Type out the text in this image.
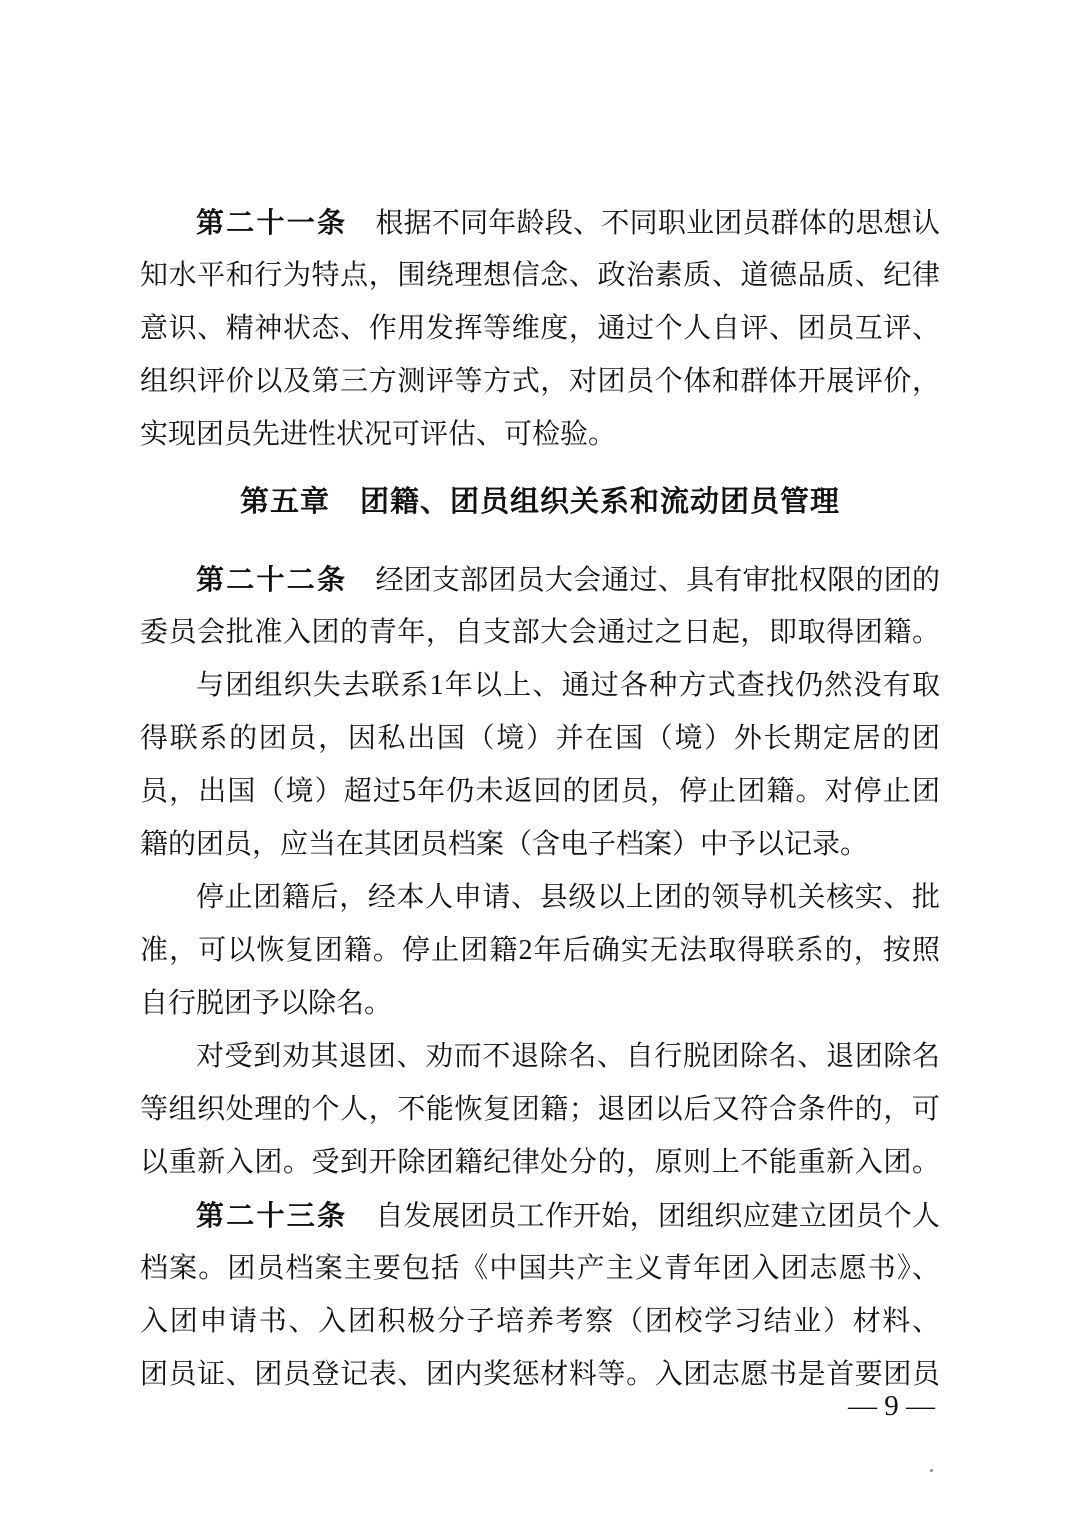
第二十一条　根据不同年龄段、不同职业团员群体的思想认
知水平和行为特点，围绕理想信念、政治素质、道德品质、纪律
意识、精神状态、作用发挥等维度，通过个人自评、团员互评、
组织评价以及第三方测评等方式，对团员个体和群体开展评价，
实现团员先进性状况可评估、可检验。
第五章　团籍、团员组织关系和流动团员管理
第二十二条　经团支部团员大会通过、具有审批权限的团的
委员会批准入团的青年，自支部大会通过之日起，即取得团籍。
与团组织失去联系1年以上、通过各种方式查找仍然没有取
得联系的团员，因私出国（境）并在国（境）外长期定居的团
员，出国（境）超过5年仍未返回的团员，停止团籍。对停止团
籍的团员，应当在其团员档案（含电子档案）中予以记录。
停止团籍后，经本人申请、县级以上团的领导机关核实、批
准，可以恢复团籍。停止团籍2年后确实无法取得联系的，按照
自行脱团予以除名。
对受到劝其退团、劝而不退除名、自行脱团除名、退团除名
等组织处理的个人，不能恢复团籍；退团以后又符合条件的，可
以重新入团。受到开除团籍纪律处分的，原则上不能重新入团。
第二十三条　自发展团员工作开始，团组织应建立团员个人
档案。团员档案主要包括《中国共产主义青年团入团志愿书》、
入团申请书、入团积极分子培养考察（团校学习结业）材料、
团员证、团员登记表、团内奖惩材料等。入团志愿书是首要团员
— 9 —
